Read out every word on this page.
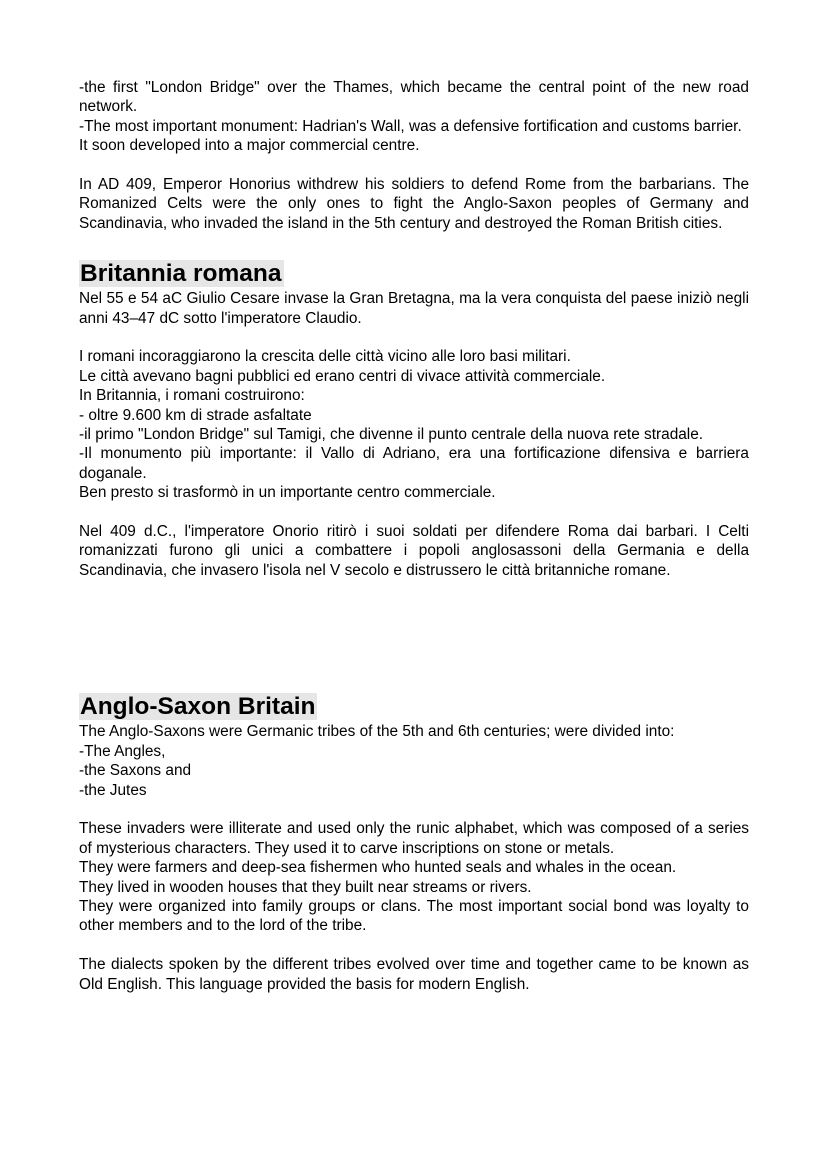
-the first "London Bridge" over the Thames, which became the central point of the new road network.
-The most important monument: Hadrian's Wall, was a defensive fortification and customs barrier.
It soon developed into a major commercial centre.

In AD 409, Emperor Honorius withdrew his soldiers to defend Rome from the barbarians. The Romanized Celts were the only ones to fight the Anglo-Saxon peoples of Germany and Scandinavia, who invaded the island in the 5th century and destroyed the Roman British cities.

Britannia romana

Nel 55 e 54 aC Giulio Cesare invase la Gran Bretagna, ma la vera conquista del paese iniziò negli anni 43–47 dC sotto l'imperatore Claudio.

I romani incoraggiarono la crescita delle città vicino alle loro basi militari.
Le città avevano bagni pubblici ed erano centri di vivace attività commerciale.
In Britannia, i romani costruirono:
- oltre 9.600 km di strade asfaltate
-il primo "London Bridge" sul Tamigi, che divenne il punto centrale della nuova rete stradale.
-Il monumento più importante: il Vallo di Adriano, era una fortificazione difensiva e barriera doganale.
Ben presto si trasformò in un importante centro commerciale.

Nel 409 d.C., l'imperatore Onorio ritirò i suoi soldati per difendere Roma dai barbari. I Celti romanizzati furono gli unici a combattere i popoli anglosassoni della Germania e della Scandinavia, che invasero l'isola nel V secolo e distrussero le città britanniche romane.

Anglo-Saxon Britain

The Anglo-Saxons were Germanic tribes of the 5th and 6th centuries; were divided into:
-The Angles,
-the Saxons and
-the Jutes

These invaders were illiterate and used only the runic alphabet, which was composed of a series of mysterious characters. They used it to carve inscriptions on stone or metals.
They were farmers and deep-sea fishermen who hunted seals and whales in the ocean.
They lived in wooden houses that they built near streams or rivers.
They were organized into family groups or clans. The most important social bond was loyalty to other members and to the lord of the tribe.

The dialects spoken by the different tribes evolved over time and together came to be known as Old English. This language provided the basis for modern English.
